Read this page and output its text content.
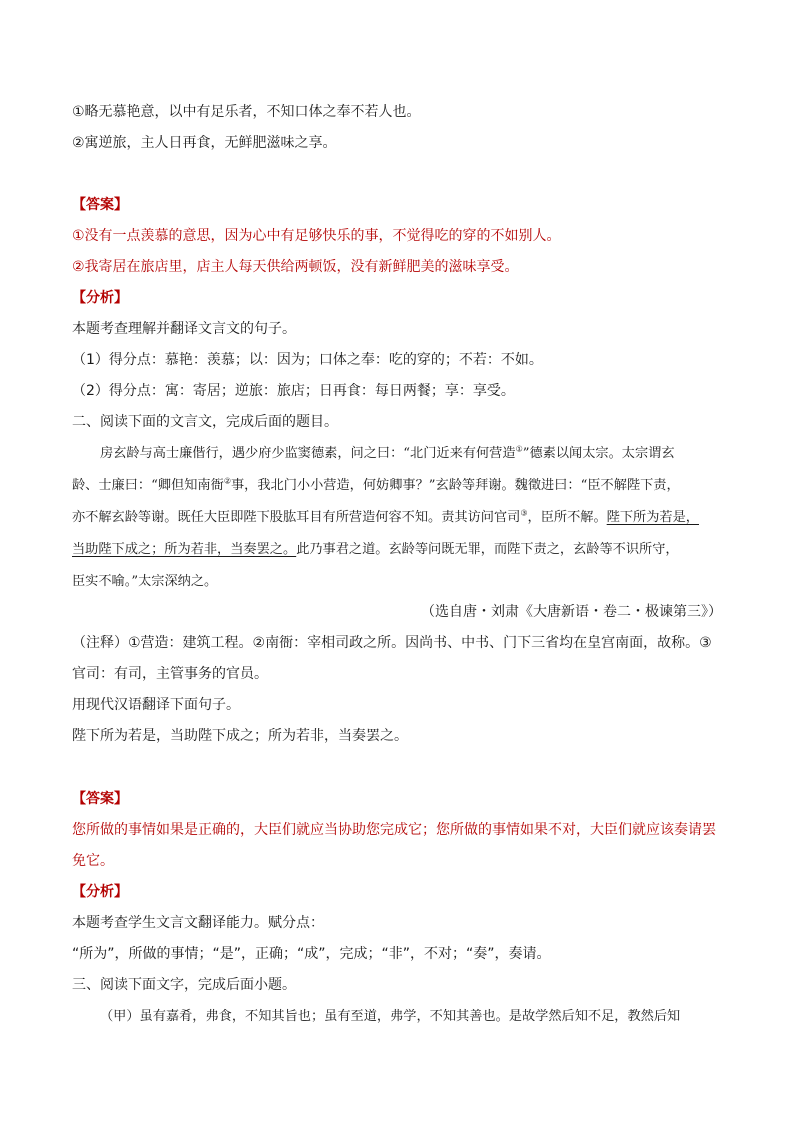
①略无慕艳意，以中有足乐者，不知口体之奉不若人也。
②寓逆旅，主人日再食，无鲜肥滋味之享。
【答案】
①没有一点羡慕的意思，因为心中有足够快乐的事，不觉得吃的穿的不如别人。
②我寄居在旅店里，店主人每天供给两顿饭，没有新鲜肥美的滋味享受。
【分析】
本题考查理解并翻译文言文的句子。
（1）得分点：慕艳：羡慕；以：因为；口体之奉：吃的穿的；不若：不如。
（2）得分点：寓：寄居；逆旅：旅店；日再食：每日两餐；享：享受。
二、阅读下面的文言文，完成后面的题目。
房玄龄与高士廉偕行，遇少府少监窦德素，问之曰：“北门近来有何营造①”德素以闻太宗。太宗谓玄
龄、士廉曰：“卿但知南衙②事，我北门小小营造，何妨卿事？”玄龄等拜谢。魏徵进曰：“臣不解陛下责，
亦不解玄龄等谢。既任大臣即陛下股肱耳目有所营造何容不知。责其访问官司③，臣所不解。陛下所为若是，
当助陛下成之；所为若非，当奏罢之。此乃事君之道。玄龄等问既无罪，而陛下责之，玄龄等不识所守，
臣实不喻。”太宗深纳之。
（选自唐・刘肃《大唐新语・卷二・极谏第三》）
（注释）①营造：建筑工程。②南衙：宰相司政之所。因尚书、中书、门下三省均在皇宫南面，故称。③
官司：有司，主管事务的官员。
用现代汉语翻译下面句子。
陛下所为若是，当助陛下成之；所为若非，当奏罢之。
【答案】
您所做的事情如果是正确的，大臣们就应当协助您完成它；您所做的事情如果不对，大臣们就应该奏请罢
免它。
【分析】
本题考查学生文言文翻译能力。赋分点：
“所为”，所做的事情；“是”，正确；“成”，完成；“非”，不对；“奏”，奏请。
三、阅读下面文字，完成后面小题。
（甲）虽有嘉肴，弗食，不知其旨也；虽有至道，弗学，不知其善也。是故学然后知不足，教然后知
